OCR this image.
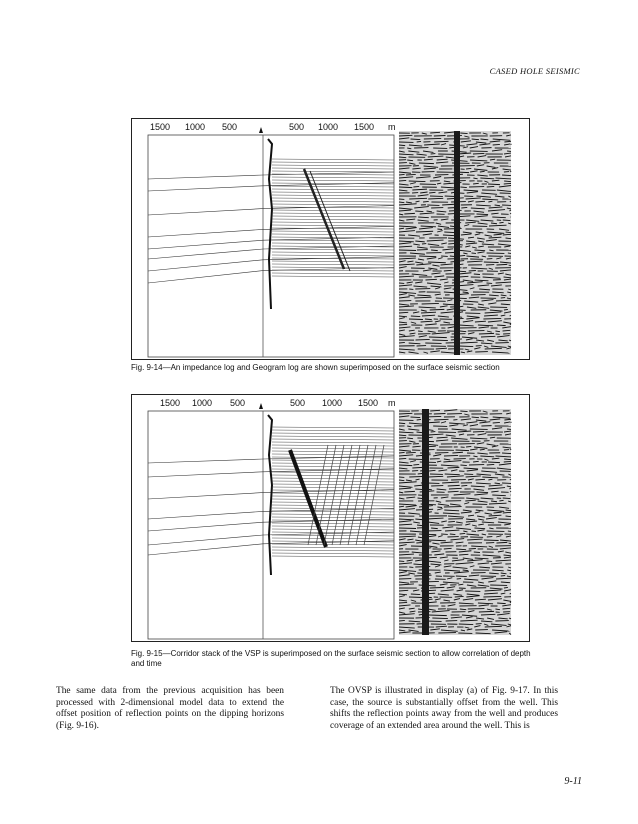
CASED HOLE SEISMIC
1500 1000 500	500 1000 1500 m
Fig. 9-14—An impedance log and Geogram log are shown superimposed on the surface seismic section
1500 1000 500	500 1000 1500 m
Fig. 9-15—Corridor stack of the VSP is superimposed on the surface seismic section to allow correlation of depth and time
The same data from the previous acquisition has been processed with 2-dimensional model data to extend the offset position of reflection points on the dipping horizons (Fig. 9-16).
The OVSP is illustrated in display (a) of Fig. 9-17. In this case, the source is substantially offset from the well. This shifts the reflection points away from the well and produces coverage of an extended area around the well. This is
9-11
